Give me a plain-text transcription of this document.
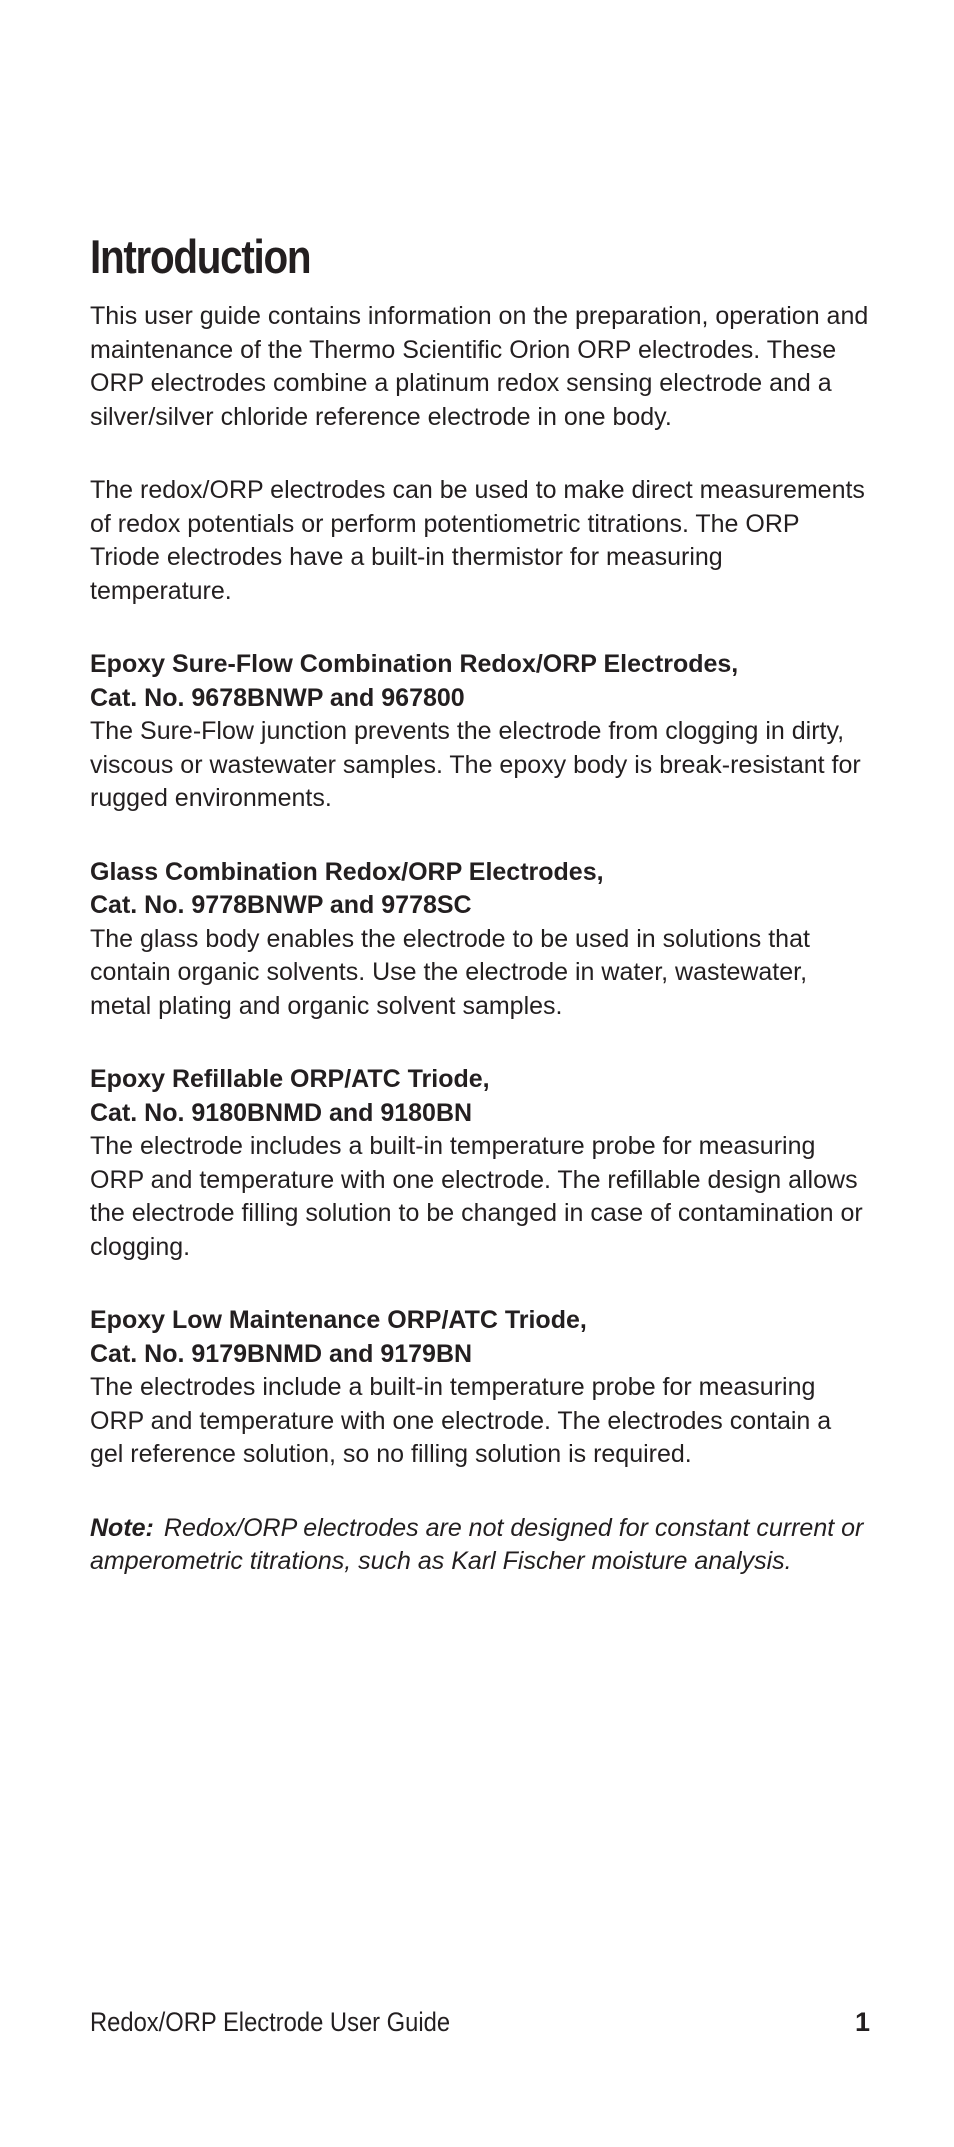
Introduction

This user guide contains information on the preparation, operation and maintenance of the Thermo Scientific Orion ORP electrodes. These ORP electrodes combine a platinum redox sensing electrode and a silver/silver chloride reference electrode in one body.

The redox/ORP electrodes can be used to make direct measurements of redox potentials or perform potentiometric titrations. The ORP Triode electrodes have a built-in thermistor for measuring temperature.

Epoxy Sure-Flow Combination Redox/ORP Electrodes,
Cat. No. 9678BNWP and 967800

The Sure-Flow junction prevents the electrode from clogging in dirty, viscous or wastewater samples. The epoxy body is break-resistant for rugged environments.

Glass Combination Redox/ORP Electrodes,
Cat. No. 9778BNWP and 9778SC

The glass body enables the electrode to be used in solutions that contain organic solvents. Use the electrode in water, wastewater, metal plating and organic solvent samples.

Epoxy Refillable ORP/ATC Triode,
Cat. No. 9180BNMD and 9180BN

The electrode includes a built-in temperature probe for measuring ORP and temperature with one electrode. The refillable design allows the electrode filling solution to be changed in case of contamination or clogging.

Epoxy Low Maintenance ORP/ATC Triode,
Cat. No. 9179BNMD and 9179BN

The electrodes include a built-in temperature probe for measuring ORP and temperature with one electrode. The electrodes contain a gel reference solution, so no filling solution is required.

Note: Redox/ORP electrodes are not designed for constant current or amperometric titrations, such as Karl Fischer moisture analysis.

Redox/ORP Electrode User Guide	1
